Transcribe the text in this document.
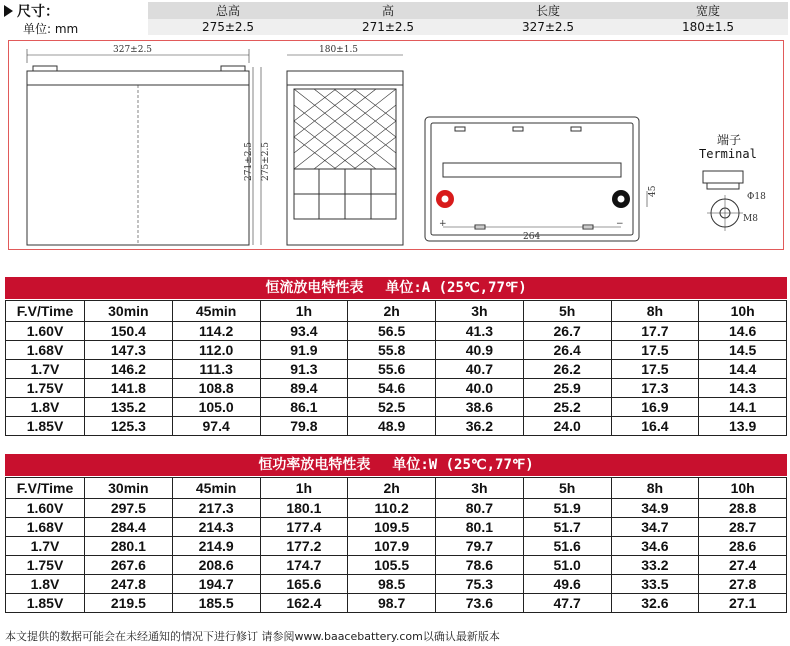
尺寸：
单位: mm
总高	高	长度	宽度
275±2.5	271±2.5	327±2.5	180±1.5
327±2.5	180±1.5
271±2.5 275±2.5
264
45
+	−
Φ18
M8
端子
Terminal
恒流放电特性表 单位:A (25℃,77℉)
F.V/Time	30min	45min	1h	2h	3h	5h	8h	10h
1.60V	150.4	114.2	93.4	56.5	41.3	26.7	17.7	14.6
1.68V	147.3	112.0	91.9	55.8	40.9	26.4	17.5	14.5
1.7V	146.2	111.3	91.3	55.6	40.7	26.2	17.5	14.4
1.75V	141.8	108.8	89.4	54.6	40.0	25.9	17.3	14.3
1.8V	135.2	105.0	86.1	52.5	38.6	25.2	16.9	14.1
1.85V	125.3	97.4	79.8	48.9	36.2	24.0	16.4	13.9
恒功率放电特性表 单位:W (25℃,77℉)
F.V/Time	30min	45min	1h	2h	3h	5h	8h	10h
1.60V	297.5	217.3	180.1	110.2	80.7	51.9	34.9	28.8
1.68V	284.4	214.3	177.4	109.5	80.1	51.7	34.7	28.7
1.7V	280.1	214.9	177.2	107.9	79.7	51.6	34.6	28.6
1.75V	267.6	208.6	174.7	105.5	78.6	51.0	33.2	27.4
1.8V	247.8	194.7	165.6	98.5	75.3	49.6	33.5	27.8
1.85V	219.5	185.5	162.4	98.7	73.6	47.7	32.6	27.1
本文提供的数据可能会在未经通知的情况下进行修订 请参阅www.baacebattery.com以确认最新版本
